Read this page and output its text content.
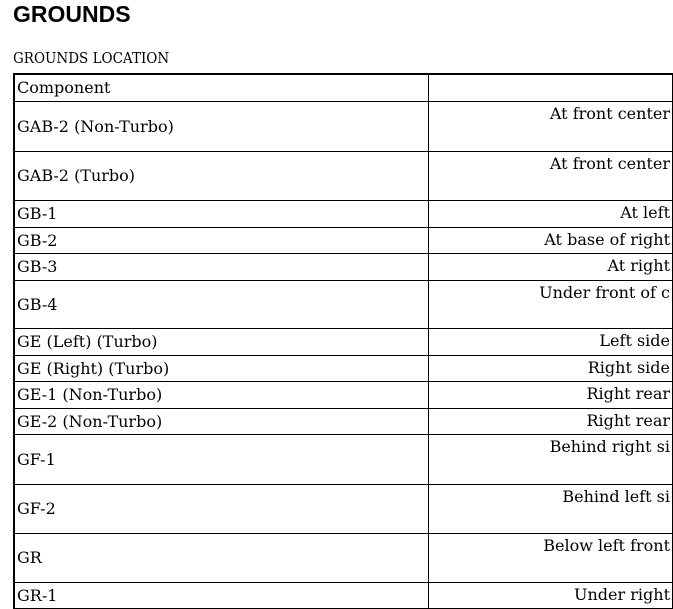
GROUNDS
GROUNDS LOCATION
Component	
GAB-2 (Non-Turbo)	At front center
GAB-2 (Turbo)	At front center
GB-1	At left
GB-2	At base of right
GB-3	At right
GB-4	Under front of c
GE (Left) (Turbo)	Left side
GE (Right) (Turbo)	Right side
GE-1 (Non-Turbo)	Right rear
GE-2 (Non-Turbo)	Right rear
GF-1	Behind right si
GF-2	Behind left si
GR	Below left front
GR-1	Under right
